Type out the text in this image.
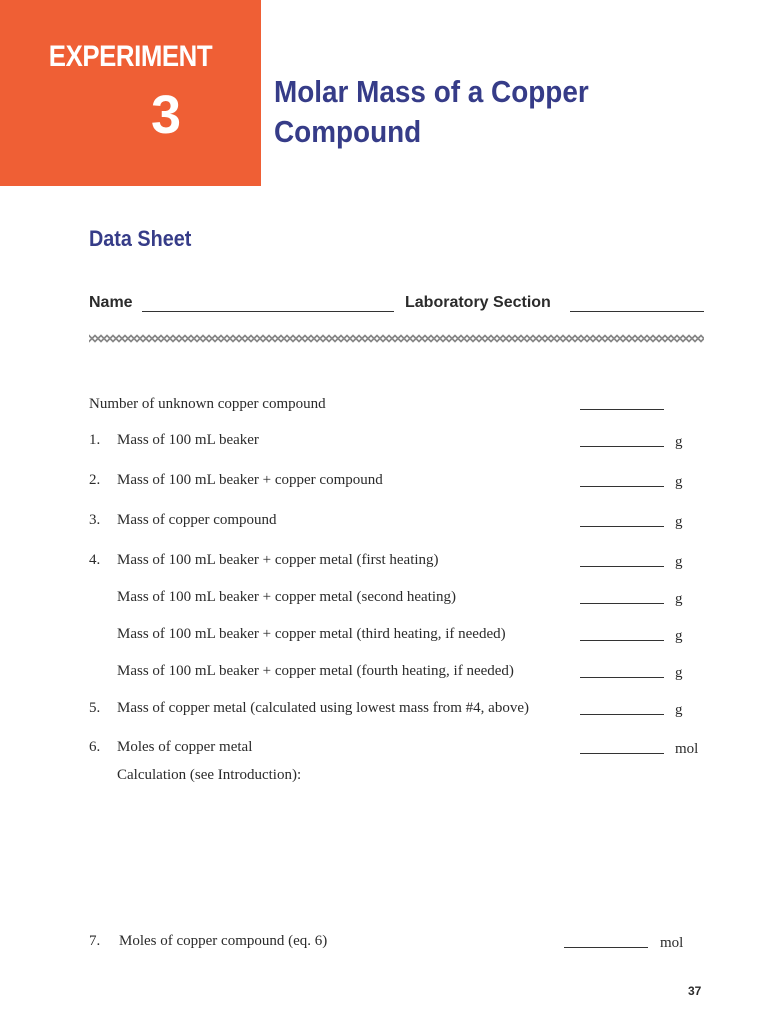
EXPERIMENT
3	Molar Mass of a Copper
Compound
Data Sheet
Name	Laboratory Section
Number of unknown copper compound
1. Mass of 100 mL beaker	g
2. Mass of 100 mL beaker + copper compound	g
3. Mass of copper compound	g
4. Mass of 100 mL beaker + copper metal (first heating)	g
Mass of 100 mL beaker + copper metal (second heating)	g
Mass of 100 mL beaker + copper metal (third heating, if needed)	g
Mass of 100 mL beaker + copper metal (fourth heating, if needed)	g
5. Mass of copper metal (calculated using lowest mass from #4, above)	g
6. Moles of copper metal	mol
Calculation (see Introduction):
7. Moles of copper compound (eq. 6)	mol
37
